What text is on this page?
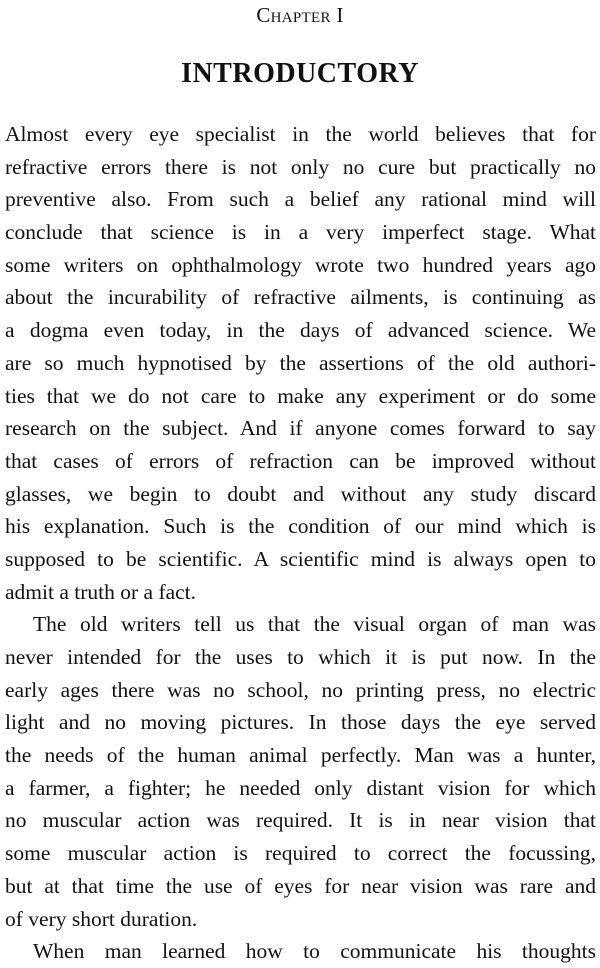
Chapter I
INTRODUCTORY
Almost every eye specialist in the world believes that for
refractive errors there is not only no cure but practically no
preventive also. From such a belief any rational mind will
conclude that science is in a very imperfect stage. What
some writers on ophthalmology wrote two hundred years ago
about the incurability of refractive ailments, is continuing as
a dogma even today, in the days of advanced science. We
are so much hypnotised by the assertions of the old authori-
ties that we do not care to make any experiment or do some
research on the subject. And if anyone comes forward to say
that cases of errors of refraction can be improved without
glasses, we begin to doubt and without any study discard
his explanation. Such is the condition of our mind which is
supposed to be scientific. A scientific mind is always open to
admit a truth or a fact.
The old writers tell us that the visual organ of man was
never intended for the uses to which it is put now. In the
early ages there was no school, no printing press, no electric
light and no moving pictures. In those days the eye served
the needs of the human animal perfectly. Man was a hunter,
a farmer, a fighter; he needed only distant vision for which
no muscular action was required. It is in near vision that
some muscular action is required to correct the focussing,
but at that time the use of eyes for near vision was rare and
of very short duration.
When man learned how to communicate his thoughts
